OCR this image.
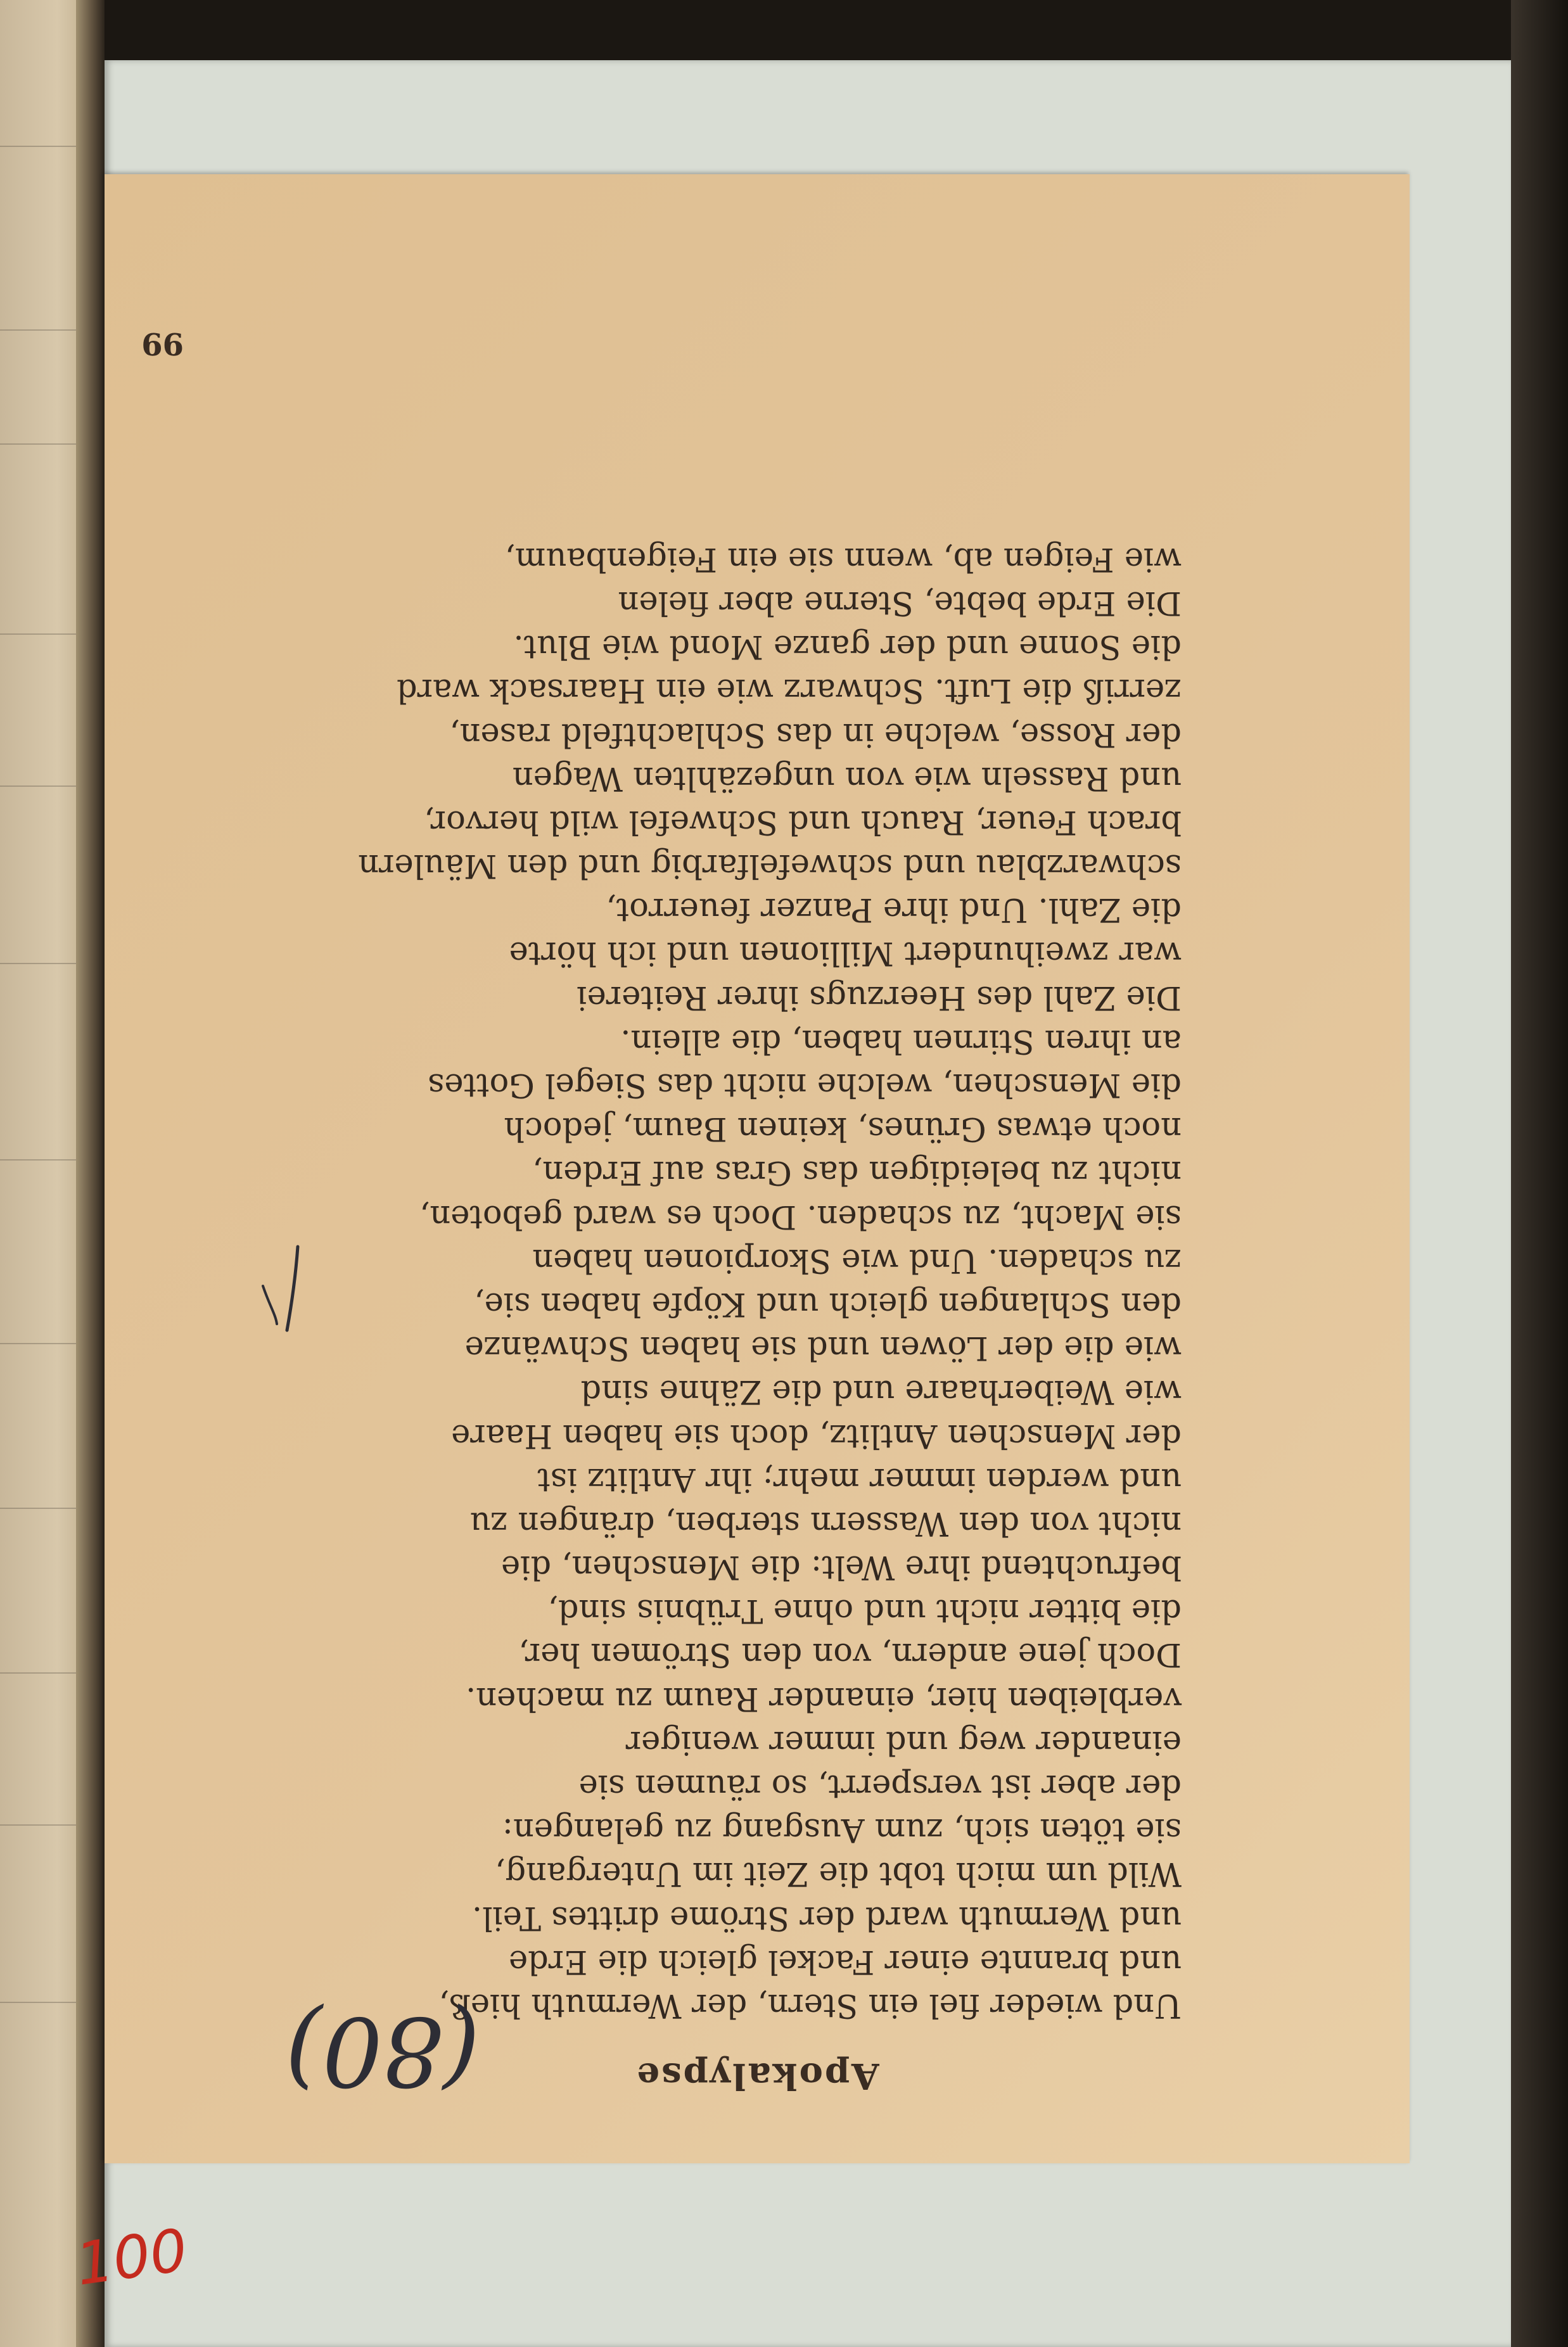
Apokalypse
Und wieder fiel ein Stern, der Wermuth hieß,
und brannte einer Fackel gleich die Erde
und Wermuth ward der Ströme drittes Teil.
Wild um mich tobt die Zeit im Untergang,
sie töten sich, zum Ausgang zu gelangen:
der aber ist versperrt, so räumen sie
einander weg und immer weniger
verbleiben hier, einander Raum zu machen.
Doch jene andern, von den Strömen her,
die bitter nicht und ohne Trübnis sind,
befruchtend ihre Welt: die Menschen, die
nicht von den Wassern sterben, drängen zu
und werden immer mehr; ihr Antlitz ist
der Menschen Antlitz, doch sie haben Haare
wie Weiberhaare und die Zähne sind
wie die der Löwen und sie haben Schwänze
den Schlangen gleich und Köpfe haben sie,
zu schaden. Und wie Skorpionen haben
sie Macht, zu schaden. Doch es ward geboten,
nicht zu beleidigen das Gras auf Erden,
noch etwas Grünes, keinen Baum, jedoch
die Menschen, welche nicht das Siegel Gottes
an ihren Stirnen haben, die allein.
Die Zahl des Heerzugs ihrer Reiterei
war zweihundert Millionen und ich hörte
die Zahl. Und ihre Panzer feuerrot,
schwarzblau und schwefelfarbig und den Mäulern
brach Feuer, Rauch und Schwefel wild hervor,
und Rasseln wie von ungezählten Wagen
der Rosse, welche in das Schlachtfeld rasen,
zerriß die Luft. Schwarz wie ein Haarsack ward
die Sonne und der ganze Mond wie Blut.
Die Erde bebte, Sterne aber fielen
wie Feigen ab, wenn sie ein Feigenbaum,
99
(80)
100
